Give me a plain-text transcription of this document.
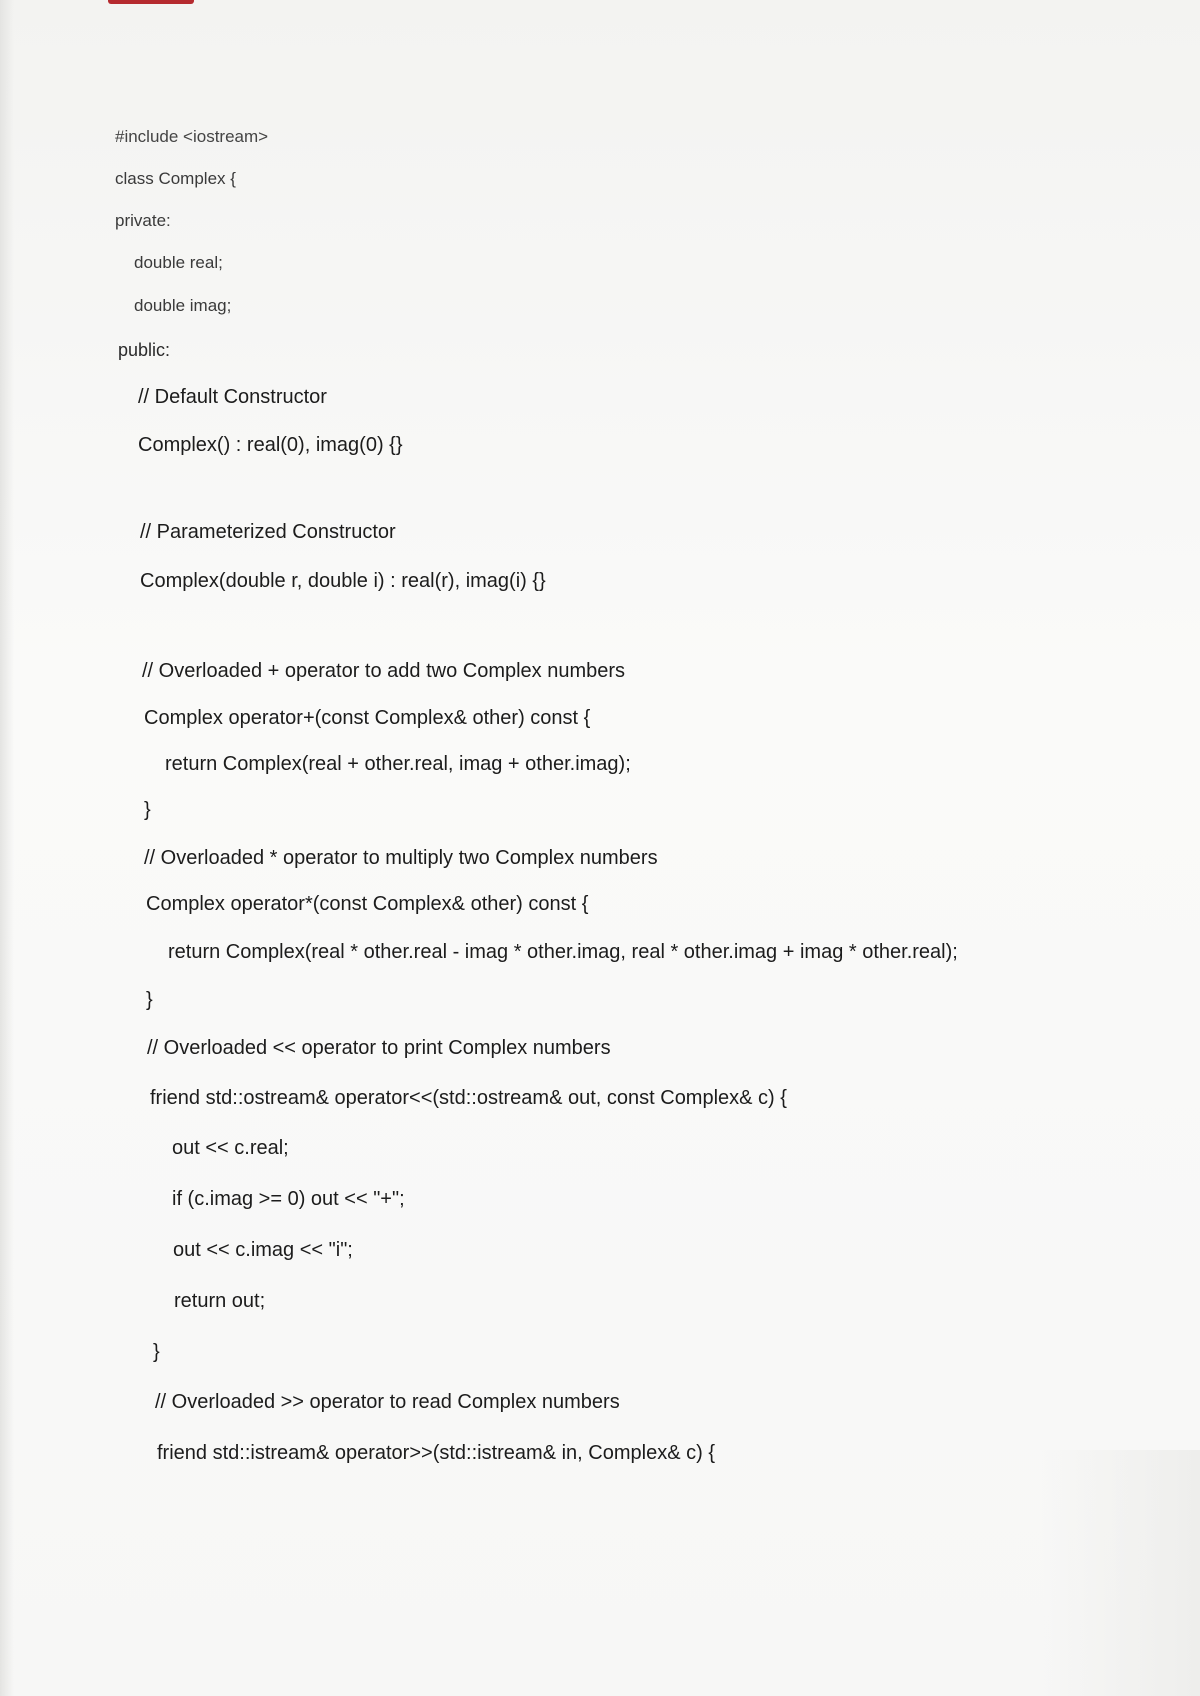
#include <iostream>
class Complex {
private:
double real;
double imag;
public:
// Default Constructor
Complex() : real(0), imag(0) {}
// Parameterized Constructor
Complex(double r, double i) : real(r), imag(i) {}
// Overloaded + operator to add two Complex numbers
Complex operator+(const Complex& other) const {
return Complex(real + other.real, imag + other.imag);
}
// Overloaded * operator to multiply two Complex numbers
Complex operator*(const Complex& other) const {
return Complex(real * other.real - imag * other.imag, real * other.imag + imag * other.real);
}
// Overloaded << operator to print Complex numbers
friend std::ostream& operator<<(std::ostream& out, const Complex& c) {
out << c.real;
if (c.imag >= 0) out << "+";
out << c.imag << "i";
return out;
}
// Overloaded >> operator to read Complex numbers
friend std::istream& operator>>(std::istream& in, Complex& c) {
